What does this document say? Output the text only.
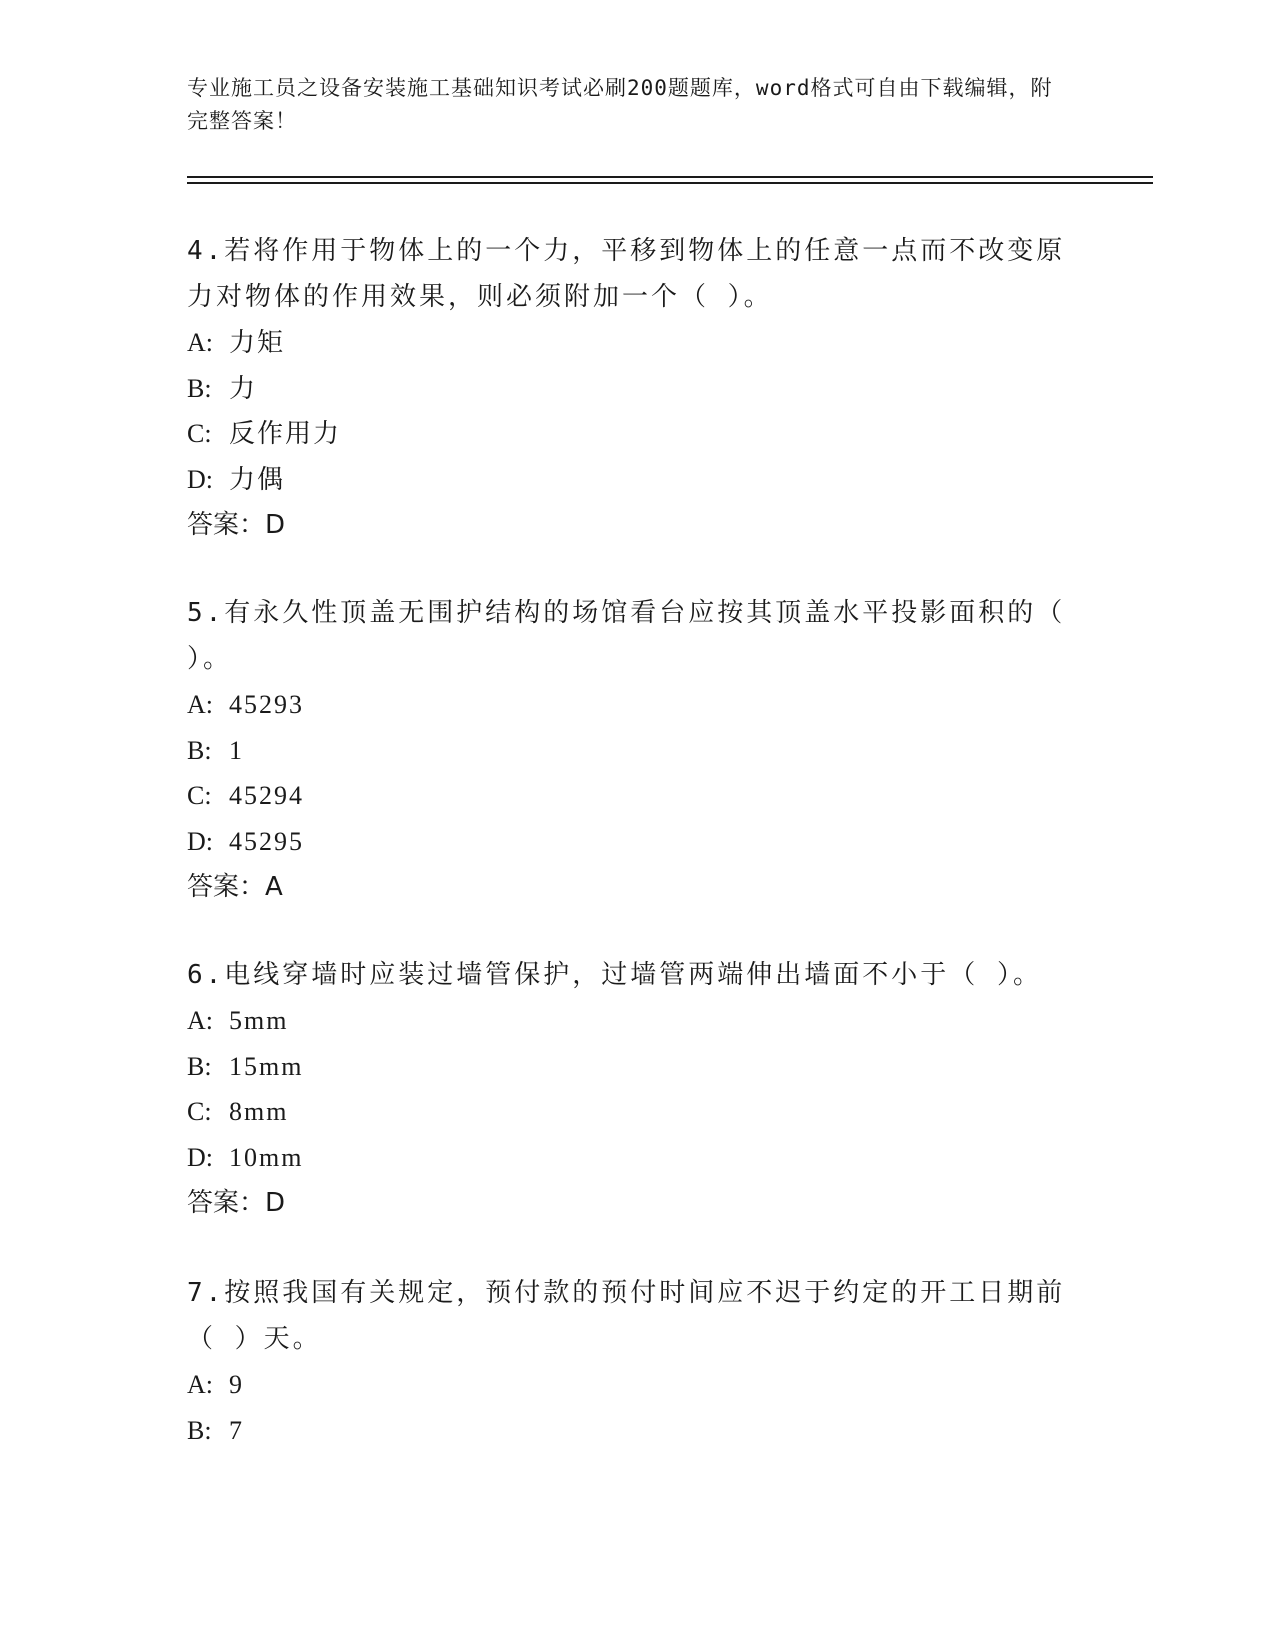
专业施工员之设备安装施工基础知识考试必刷200题题库，word格式可自由下载编辑，附完整答案！

4.若将作用于物体上的一个力，平移到物体上的任意一点而不改变原力对物体的作用效果，则必须附加一个（ ）。

A: 力矩
B: 力
C: 反作用力
D: 力偶
答案：D

5.有永久性顶盖无围护结构的场馆看台应按其顶盖水平投影面积的（ ）。

A: 45293
B: 1
C: 45294
D: 45295
答案：A

6.电线穿墙时应装过墙管保护，过墙管两端伸出墙面不小于（ ）。

A: 5mm
B: 15mm
C: 8mm
D: 10mm
答案：D

7.按照我国有关规定，预付款的预付时间应不迟于约定的开工日期前（ ）天。

A: 9
B: 7
